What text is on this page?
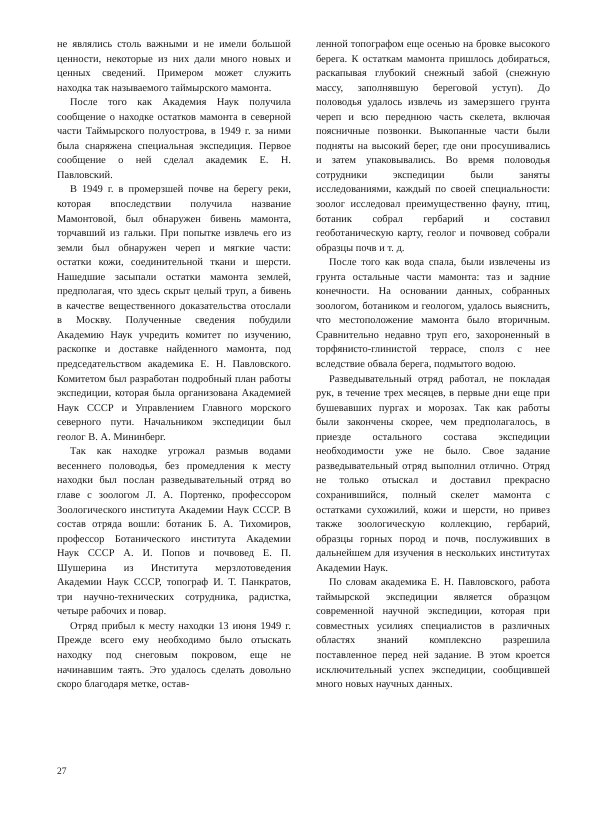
не являлись столь важными и не имели большой ценности, некоторые из них дали много новых и ценных сведений. Примером может служить находка так называемого таймырского мамонта.

После того как Академия Наук получила сообщение о находке остатков мамонта в северной части Таймырского полуострова, в 1949 г. за ними была снаряжена специальная экспедиция. Первое сообщение о ней сделал академик Е. Н. Павловский.

В 1949 г. в промерзшей почве на берегу реки, которая впоследствии получила название Мамонтовой, был обнаружен бивень мамонта, торчавший из гальки. При попытке извлечь его из земли был обнаружен череп и мягкие части: остатки кожи, соединительной ткани и шерсти. Нашедшие засыпали остатки мамонта землей, предполагая, что здесь скрыт целый труп, а бивень в качестве вещественного доказательства отослали в Москву. Полученные сведения побудили Академию Наук учредить комитет по изучению, раскопке и доставке найденного мамонта, под председательством академика Е. Н. Павловского. Комитетом был разработан подробный план работы экспедиции, которая была организована Академией Наук СССР и Управлением Главного морского северного пути. Начальником экспедиции был геолог В. А. Мининберг.

Так как находке угрожал размыв водами весеннего половодья, без промедления к месту находки был послан разведывательный отряд во главе с зоологом Л. А. Портенко, профессором Зоологического института Академии Наук СССР. В состав отряда вошли: ботаник Б. А. Тихомиров, профессор Ботанического института Академии Наук СССР А. И. Попов и почвовед Е. П. Шушерина из Института мерзлотоведения Академии Наук СССР, топограф И. Т. Панкратов, три научно-технических сотрудника, радистка, четыре рабочих и повар.

Отряд прибыл к месту находки 13 июня 1949 г. Прежде всего ему необходимо было отыскать находку под снеговым покровом, еще не начинавшим таять. Это удалось сделать довольно скоро благодаря метке, остав-

ленной топографом еще осенью на бровке высокого берега. К остаткам мамонта пришлось добираться, раскапывая глубокий снежный забой (снежную массу, заполнявшую береговой уступ). До половодья удалось извлечь из замерзшего грунта череп и всю переднюю часть скелета, включая поясничные позвонки. Выкопанные части были подняты на высокий берег, где они просушивались и затем упаковывались. Во время половодья сотрудники экспедиции были заняты исследованиями, каждый по своей специальности: зоолог исследовал преимущественно фауну, птиц, ботаник собрал гербарий и составил геоботаническую карту, геолог и почвовед собрали образцы почв и т. д.

После того как вода спала, были извлечены из грунта остальные части мамонта: таз и задние конечности. На основании данных, собранных зоологом, ботаником и геологом, удалось выяснить, что местоположение мамонта было вторичным. Сравнительно недавно труп его, захороненный в торфянисто-глинистой террасе, сполз с нее вследствие обвала берега, подмытого водою.

Разведывательный отряд работал, не покладая рук, в течение трех месяцев, в первые дни еще при бушевавших пургах и морозах. Так как работы были закончены скорее, чем предполагалось, в приезде остального состава экспедиции необходимости уже не было. Свое задание разведывательный отряд выполнил отлично. Отряд не только отыскал и доставил прекрасно сохранившийся, полный скелет мамонта с остатками сухожилий, кожи и шерсти, но привез также зоологическую коллекцию, гербарий, образцы горных пород и почв, послуживших в дальнейшем для изучения в нескольких институтах Академии Наук.

По словам академика Е. Н. Павловского, работа таймырской экспедиции является образцом современной научной экспедиции, которая при совместных усилиях специалистов в различных областях знаний комплексно разрешила поставленное перед ней задание. В этом кроется исключительный успех экспедиции, сообщившей много новых научных данных.

27
